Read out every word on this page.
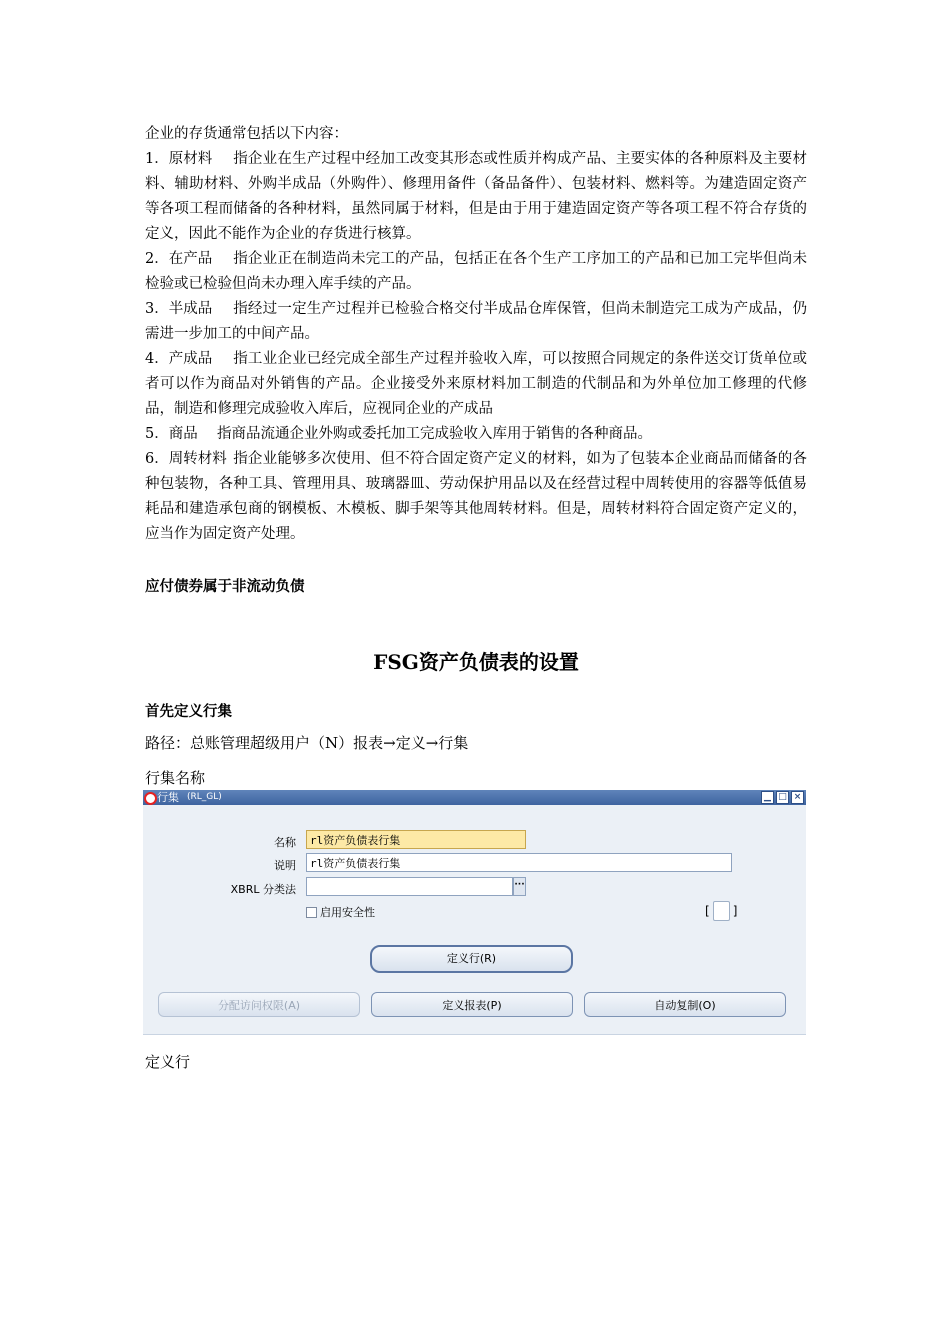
企业的存货通常包括以下内容：

1．原材料 指企业在生产过程中经加工改变其形态或性质并构成产品、主要实体的各种原料及主要材料、辅助材料、外购半成品（外购件）、修理用备件（备品备件）、包装材料、燃料等。为建造固定资产等各项工程而储备的各种材料，虽然同属于材料，但是由于用于建造固定资产等各项工程不符合存货的定义，因此不能作为企业的存货进行核算。

2．在产品 指企业正在制造尚未完工的产品，包括正在各个生产工序加工的产品和已加工完毕但尚未检验或已检验但尚未办理入库手续的产品。

3．半成品 指经过一定生产过程并已检验合格交付半成品仓库保管，但尚未制造完工成为产成品，仍需进一步加工的中间产品。

4．产成品 指工业企业已经完成全部生产过程并验收入库，可以按照合同规定的条件送交订货单位或者可以作为商品对外销售的产品。企业接受外来原材料加工制造的代制品和为外单位加工修理的代修品，制造和修理完成验收入库后，应视同企业的产成品

5．商品 指商品流通企业外购或委托加工完成验收入库用于销售的各种商品。

6．周转材料 指企业能够多次使用、但不符合固定资产定义的材料，如为了包装本企业商品而储备的各种包装物，各种工具、管理用具、玻璃器皿、劳动保护用品以及在经营过程中周转使用的容器等低值易耗品和建造承包商的钢模板、木模板、脚手架等其他周转材料。但是，周转材料符合固定资产定义的，应当作为固定资产处理。

应付债券属于非流动负债

FSG资产负债表的设置

首先定义行集

路径：总账管理超级用户（N）报表→定义→行集

行集名称

定义行

行集 (RL_GL)	▁ □ ×
名称	rl资产负债表行集
说明	rl资产负债表行集
XBRL 分类法	···
启用安全性	[ ]
定义行(R)
分配访问权限(A)	定义报表(P)	自动复制(O)
